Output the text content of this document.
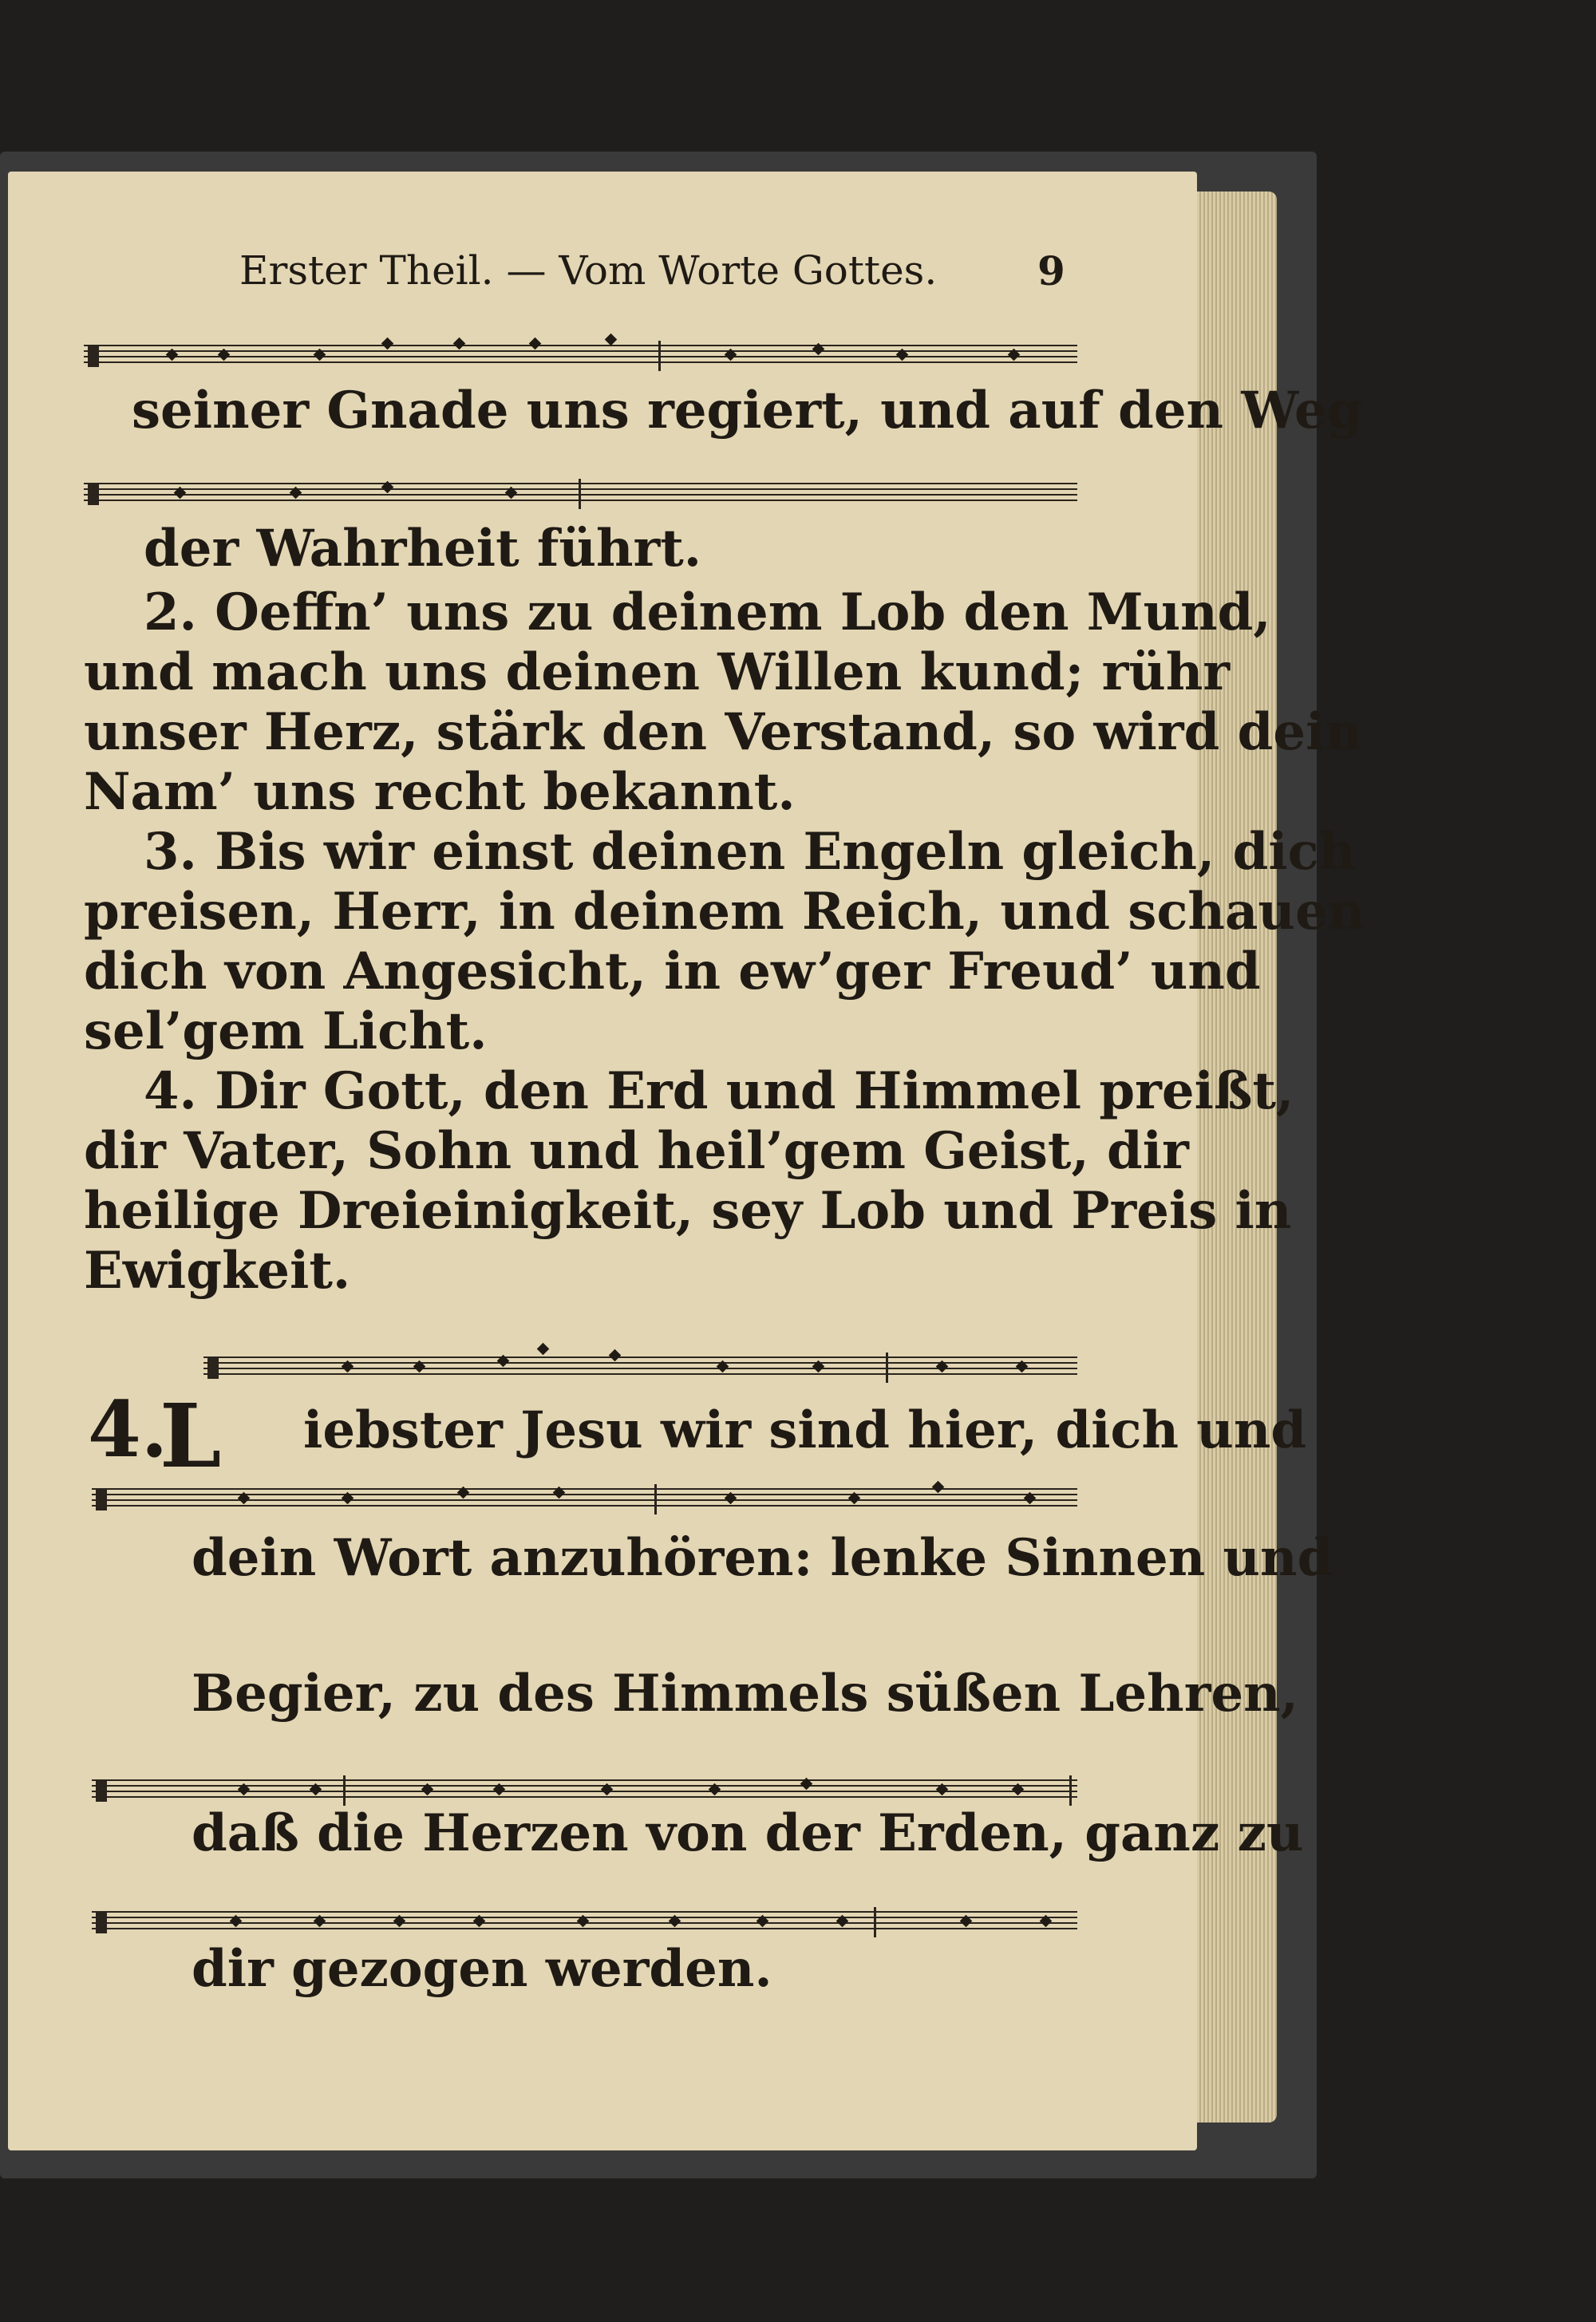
Erster Theil. — Vom Worte Gottes.	9
seiner Gnade uns regiert, und auf den Weg
der Wahrheit führt.
2. Oeffn’ uns zu deinem Lob den Mund,
und mach uns deinen Willen kund; rühr
unser Herz, stärk den Verstand, so wird dein
Nam’ uns recht bekannt.
3. Bis wir einst deinen Engeln gleich, dich
preisen, Herr, in deinem Reich, und schauen
dich von Angesicht, in ew’ger Freud’ und
sel’gem Licht.
4. Dir Gott, den Erd und Himmel preißt,
dir Vater, Sohn und heil’gem Geist, dir
heilige Dreieinigkeit, sey Lob und Preis in
Ewigkeit.
4.
L iebster Jesu wir sind hier, dich und
dein Wort anzuhören: lenke Sinnen und
Begier, zu des Himmels süßen Lehren,
daß die Herzen von der Erden, ganz zu
dir gezogen werden.
